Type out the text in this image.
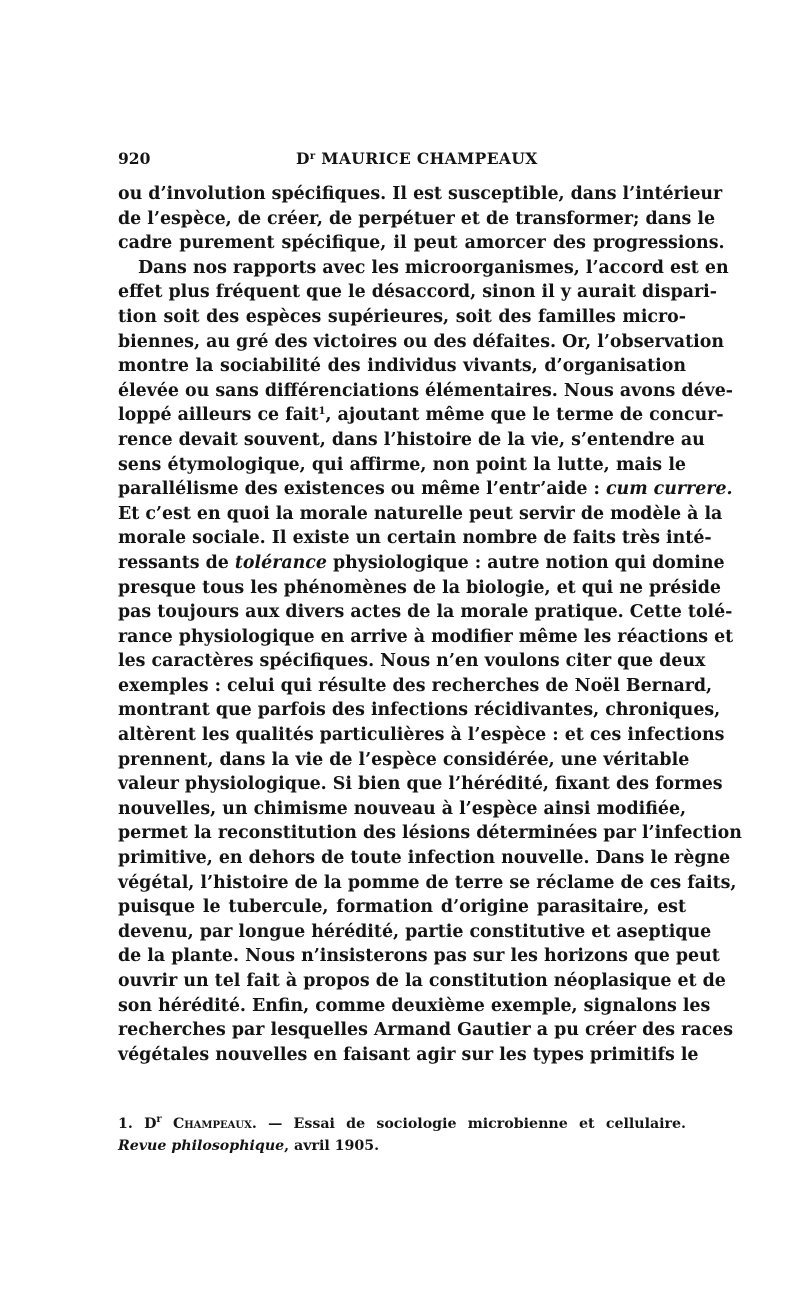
920	$D^r$ MAURICE CHAMPEAUX
ou d’involution spécifiques. Il est susceptible, dans l’intérieur
de l’espèce, de créer, de perpétuer et de transformer; dans le
cadre purement spécifique, il peut amorcer des progressions.
Dans nos rapports avec les microorganismes, l’accord est en
effet plus fréquent que le désaccord, sinon il y aurait dispari-
tion soit des espèces supérieures, soit des familles micro-
biennes, au gré des victoires ou des défaites. Or, l’observation
montre la sociabilité des individus vivants, d’organisation
élevée ou sans différenciations élémentaires. Nous avons déve-
loppé ailleurs ce fait$^1$, ajoutant même que le terme de concur-
rence devait souvent, dans l’histoire de la vie, s’entendre au
sens étymologique, qui affirme, non point la lutte, mais le
parallélisme des existences ou même l’entr’aide : cum currere.
Et c’est en quoi la morale naturelle peut servir de modèle à la
morale sociale. Il existe un certain nombre de faits très inté-
ressants de tolérance physiologique : autre notion qui domine
presque tous les phénomènes de la biologie, et qui ne préside
pas toujours aux divers actes de la morale pratique. Cette tolé-
rance physiologique en arrive à modifier même les réactions et
les caractères spécifiques. Nous n’en voulons citer que deux
exemples : celui qui résulte des recherches de Noël Bernard,
montrant que parfois des infections récidivantes, chroniques,
altèrent les qualités particulières à l’espèce : et ces infections
prennent, dans la vie de l’espèce considérée, une véritable
valeur physiologique. Si bien que l’hérédité, fixant des formes
nouvelles, un chimisme nouveau à l’espèce ainsi modifiée,
permet la reconstitution des lésions déterminées par l’infection
primitive, en dehors de toute infection nouvelle. Dans le règne
végétal, l’histoire de la pomme de terre se réclame de ces faits,
puisque le tubercule, formation d’origine parasitaire, est
devenu, par longue hérédité, partie constitutive et aseptique
de la plante. Nous n’insisterons pas sur les horizons que peut
ouvrir un tel fait à propos de la constitution néoplasique et de
son hérédité. Enfin, comme deuxième exemple, signalons les
recherches par lesquelles Armand Gautier a pu créer des races
végétales nouvelles en faisant agir sur les types primitifs le
1. $D^r$ Champeaux. — Essai de sociologie microbienne et cellulaire.
Revue philosophique, avril 1905.
